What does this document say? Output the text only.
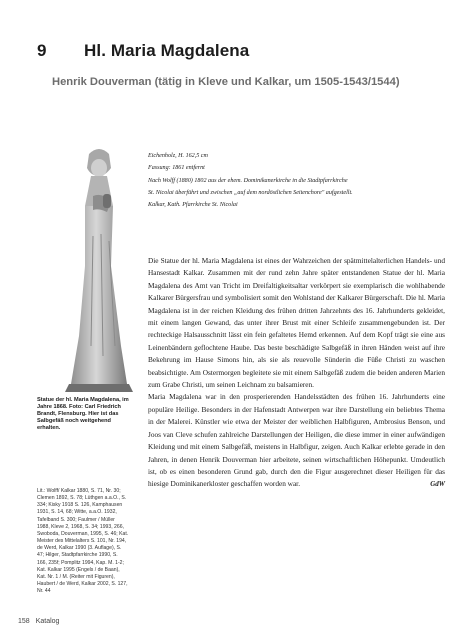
9 Hl. Maria Magdalena
Henrik Douverman (tätig in Kleve und Kalkar, um 1505-1543/1544)
Statue der hl. Maria Magdalena, im Jahre 1868. Foto: Carl Friedrich Brandt, Flensburg. Hier ist das Salbgefäß noch weitgehend erhalten.
Lit.: Wolff/ Kalkar 1880, S. 71, Nr. 30; Clemen 1892, S. 78; Lüthgen a.a.O., S. 334; Kisky 1918 S. 126, Kamphausen 1931, S. 14, 68; Witte, a.a.O. 1932, Tafelband S. 300; Faulmer / Müller 1988, Kleve 2, 1968, S. 34; 1993, 266, Swoboda, Douverman, 1995, S. 46; Kat. Meister des Mittelalters S. 101, Nr. 194, de Werd, Kalkar 1990 (3. Auflage), S. 47; Hilger, Stadtpfarrkirche 1990, S. 166, 235f; Pomplitz 1994, Kap. M. 1-2; Kat. Kalkar 1995 (Engels / de Baan), Kat. Nr. 1 / M. (Reiter mit Figuren), Haubert / de Werd, Kalkar 2002, S. 127, Nr. 44
Eichenholz, H. 162,5 cm
Fassung: 1861 entfernt
Nach Wolff (1880) 1802 aus der ehem. Dominikanerkirche in die Stadtpfarrkirche
St. Nicolai überführt und zwischen „auf dem nordöstlichen Seitenchore" aufgestellt.
Kalkar, Kath. Pfarrkirche St. Nicolai

Die Statue der hl. Maria Magdalena ist eines der Wahrzeichen der spätmittelalterlichen Handels- und Hansestadt Kalkar. Zusammen mit der rund zehn Jahre später entstandenen Statue der hl. Maria Magdalena des Amt van Tricht im Dreifaltigkeitsaltar verkörpert sie exemplarisch die wohlhabende Kalkarer Bürgersfrau und symbolisiert somit den Wohlstand der Kalkarer Bürgerschaft. Die hl. Maria Magdalena ist in der reichen Kleidung des frühen dritten Jahrzehnts des 16. Jahrhunderts gekleidet, mit einem langen Gewand, das unter ihrer Brust mit einer Schleife zusammengebunden ist. Der rechteckige Halsausschnitt lässt ein fein gefaltetes Hemd erkennen. Auf dem Kopf trägt sie eine aus Leinenbändern geflochtene Haube. Das beste beschädigte Salbgefäß in ihren Händen weist auf ihre Bekehrung im Hause Simons hin, als sie als reuevolle Sünderin die Füße Christi zu waschen beabsichtigte. Am Ostermorgen begleitete sie mit einem Salbgefäß zudem die beiden anderen Marien zum Grabe Christi, um seinen Leichnam zu balsamieren.

Maria Magdalena war in den prosperierenden Handelsstädten des frühen 16. Jahrhunderts eine populäre Heilige. Besonders in der Hafenstadt Antwerpen war ihre Darstellung ein beliebtes Thema in der Malerei. Künstler wie etwa der Meister der weiblichen Halbfiguren, Ambrosius Benson, und Joos van Cleve schufen zahlreiche Darstellungen der Heiligen, die diese immer in einer aufwändigen Kleidung und mit einem Salbgefäß, meistens in Halbfigur, zeigen. Auch Kalkar erlebte gerade in den Jahren, in denen Henrik Douverman hier arbeitete, seinen wirtschaftlichen Höhepunkt. Umdeutlich ist, ob es einen besonderen Grund gab, durch den die Figur ausgerechnet dieser Heiligen für das hiesige Dominikanerkloster geschaffen worden war.	GdW

158 Katalog
